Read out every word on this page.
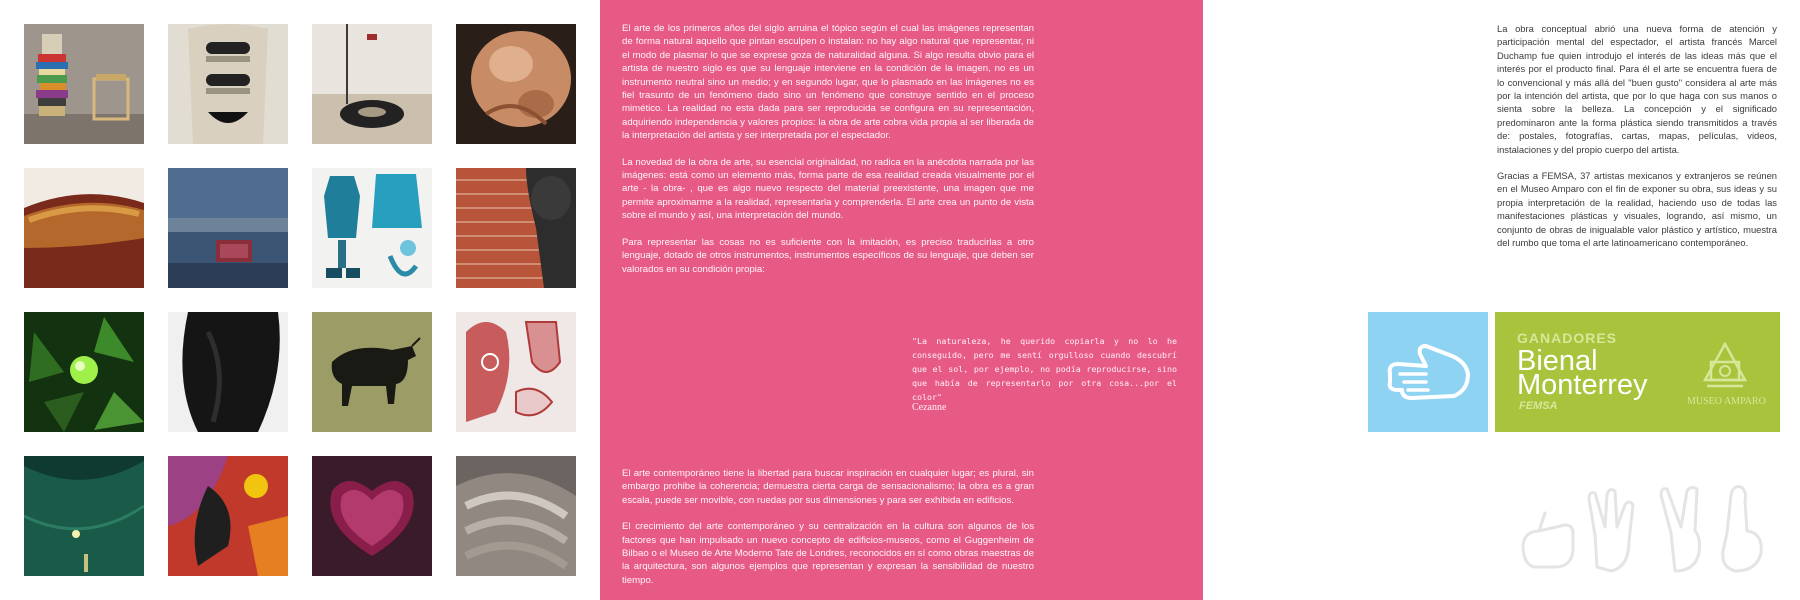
El arte de los primeros años del siglo arruina el tópico según el cual las imágenes representan de forma natural aquello que pintan esculpen o instalan: no hay algo natural que representar, ni el modo de plasmar lo que se exprese goza de naturalidad alguna. Si algo resulta obvio para el artista de nuestro siglo es que su lenguaje interviene en la condición de la imagen, no es un instrumento neutral sino un medio; y en segundo lugar, que lo plasmado en las imágenes no es fiel trasunto de un fenómeno dado sino un fenómeno que construye sentido en el proceso mimético. La realidad no esta dada para ser reproducida se configura en su representación, adquiriendo independencia y valores propios: la obra de arte cobra vida propia al ser liberada de la interpretación del artista y ser interpretada por el espectador.

La novedad de la obra de arte, su esencial originalidad, no radica en la anécdota narrada por las imágenes: está como un elemento más, forma parte de esa realidad creada visualmente por el arte - la obra- , que es algo nuevo respecto del material preexistente, una imagen que me permite aproximarme a la realidad, representarla y comprenderla. El arte crea un punto de vista sobre el mundo y así, una interpretación del mundo.

Para representar las cosas no es suficiente con la imitación, es preciso traducirlas a otro lenguaje, dotado de otros instrumentos, instrumentos específicos de su lenguaje, que deben ser valorados en su condición propia:

"La naturaleza, he querido copiarla y no lo he conseguido, pero me sentí orgulloso cuando descubrí que el sol, por ejemplo, no podía reproducirse, sino que había de representarlo por otra cosa...por el color"
Cezanne

El arte contemporáneo tiene la libertad para buscar inspiración en cualquier lugar; es plural, sin embargo prohibe la coherencia; demuestra cierta carga de sensacionalismo; la obra es a gran escala, puede ser movible, con ruedas por sus dimensiones y para ser exhibida en edificios.

El crecimiento del arte contemporáneo y su centralización en la cultura son algunos de los factores que han impulsado un nuevo concepto de edificios-museos, como el Guggenheim de Bilbao o el Museo de Arte Moderno Tate de Londres, reconocidos en sí como obras maestras de la arquitectura, son algunos ejemplos que representan y expresan la sensibilidad de nuestro tiempo.

La obra conceptual abrió una nueva forma de atención y participación mental del espectador, el artista francés Marcel Duchamp fue quien introdujo el interés de las ideas más que el interés por el producto final. Para él el arte se encuentra fuera de lo convencional y más allá del "buen gusto" considera al arte más por la intención del artista, que por lo que haga con sus manos o sienta sobre la belleza. La concepción y el significado predominaron ante la forma plástica siendo transmitidos a través de: postales, fotografías, cartas, mapas, películas, videos, instalaciones y del propio cuerpo del artista.

Gracias a FEMSA, 37 artistas mexicanos y extranjeros se reúnen en el Museo Amparo con el fin de exponer su obra, sus ideas y su propia interpretación de la realidad, haciendo uso de todas las manifestaciones plásticas y visuales, logrando, así mismo, un conjunto de obras de inigualable valor plástico y artístico, muestra del rumbo que toma el arte latinoamericano contemporáneo.

GANADORES
Bienal
Monterrey
FEMSA	MUSEO AMPARO
